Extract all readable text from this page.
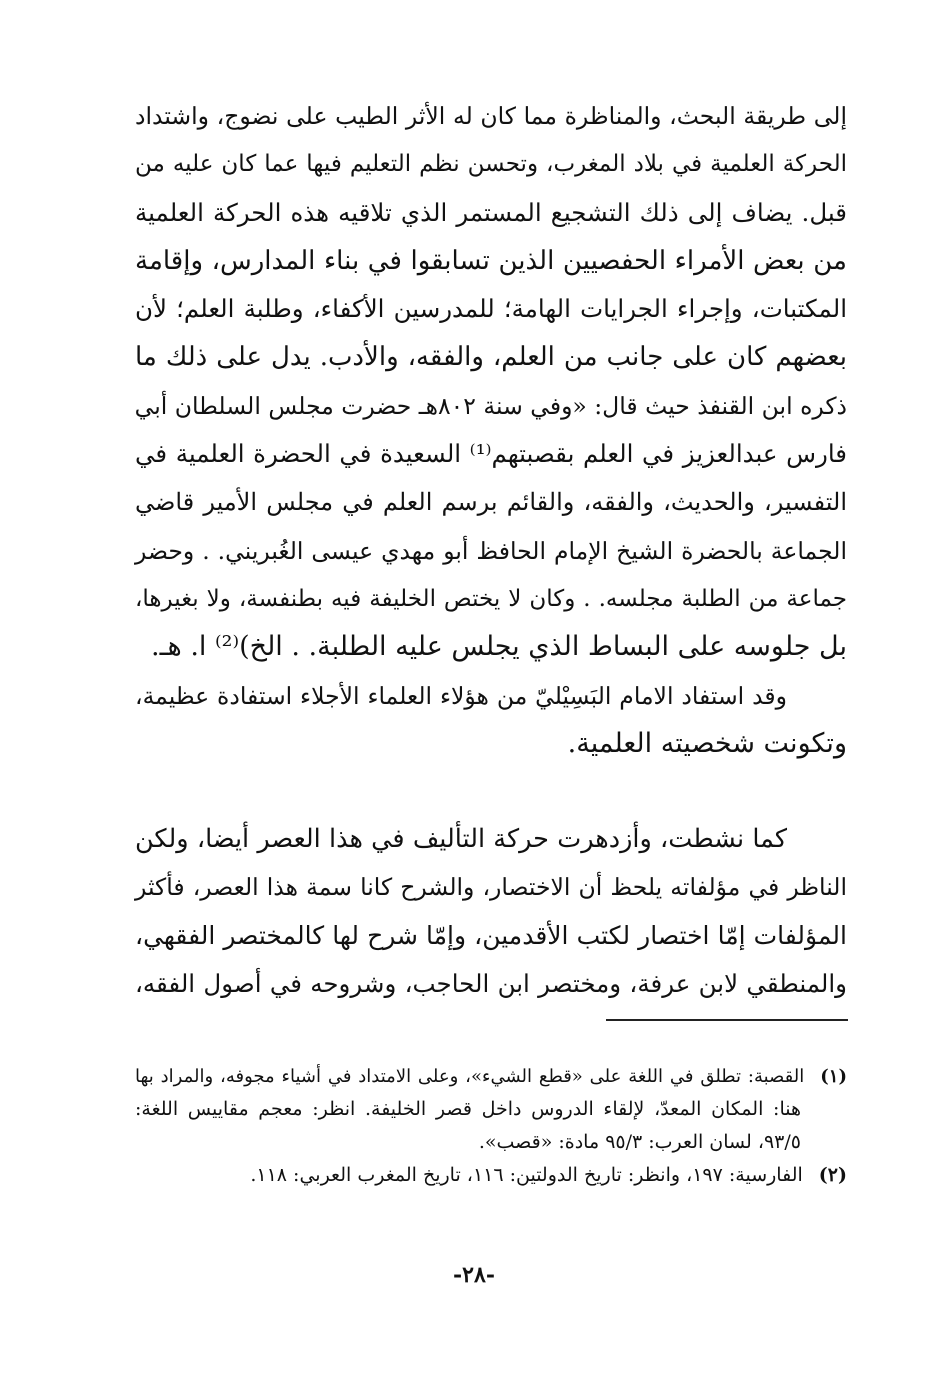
إلى طريقة البحث، والمناظرة مما كان له الأثر الطيب على نضوج، واشتداد
الحركة العلمية في بلاد المغرب، وتحسن نظم التعليم فيها عما كان عليه من
قبل. يضاف إلى ذلك التشجيع المستمر الذي تلاقيه هذه الحركة العلمية
من بعض الأمراء الحفصيين الذين تسابقوا في بناء المدارس، وإقامة
المكتبات، وإجراء الجرايات الهامة؛ للمدرسين الأكفاء، وطلبة العلم؛ لأن
بعضهم كان على جانب من العلم، والفقه، والأدب. يدل على ذلك ما
ذكره ابن القنفذ حيث قال: «وفي سنة ٨٠٢هـ حضرت مجلس السلطان أبي
فارس عبدالعزيز في العلم بقصبتهم⁽¹⁾ السعيدة في الحضرة العلمية في
التفسير، والحديث، والفقه، والقائم برسم العلم في مجلس الأمير قاضي
الجماعة بالحضرة الشيخ الإمام الحافظ أبو مهدي عيسى الغُبريني. . وحضر
جماعة من الطلبة مجلسه. . وكان لا يختص الخليفة فيه بطنفسة، ولا بغيرها،
بل جلوسه على البساط الذي يجلس عليه الطلبة. . الخ)⁽²⁾ ا. هـ.
وقد استفاد الامام البَسِيْليّ من هؤلاء العلماء الأجلاء استفادة عظيمة،
وتكونت شخصيته العلمية.
كما نشطت، وأزدهرت حركة التأليف في هذا العصر أيضا، ولكن
الناظر في مؤلفاته يلحظ أن الاختصار، والشرح كانا سمة هذا العصر، فأكثر
المؤلفات إمّا اختصار لكتب الأقدمين، وإمّا شرح لها كالمختصر الفقهي،
والمنطقي لابن عرفة، ومختصر ابن الحاجب، وشروحه في أصول الفقه،
(١)القصبة: تطلق في اللغة على «قطع الشيء»، وعلى الامتداد في أشياء مجوفه، والمراد بها
هنا: المكان المعدّ، لإلقاء الدروس داخل قصر الخليفة. انظر: معجم مقاييس اللغة:
٩٣/٥، لسان العرب: ٩٥/٣ مادة: «قصب».
(٢)الفارسية: ١٩٧، وانظر: تاريخ الدولتين: ١١٦، تاريخ المغرب العربي: ١١٨.
-٢٨-
